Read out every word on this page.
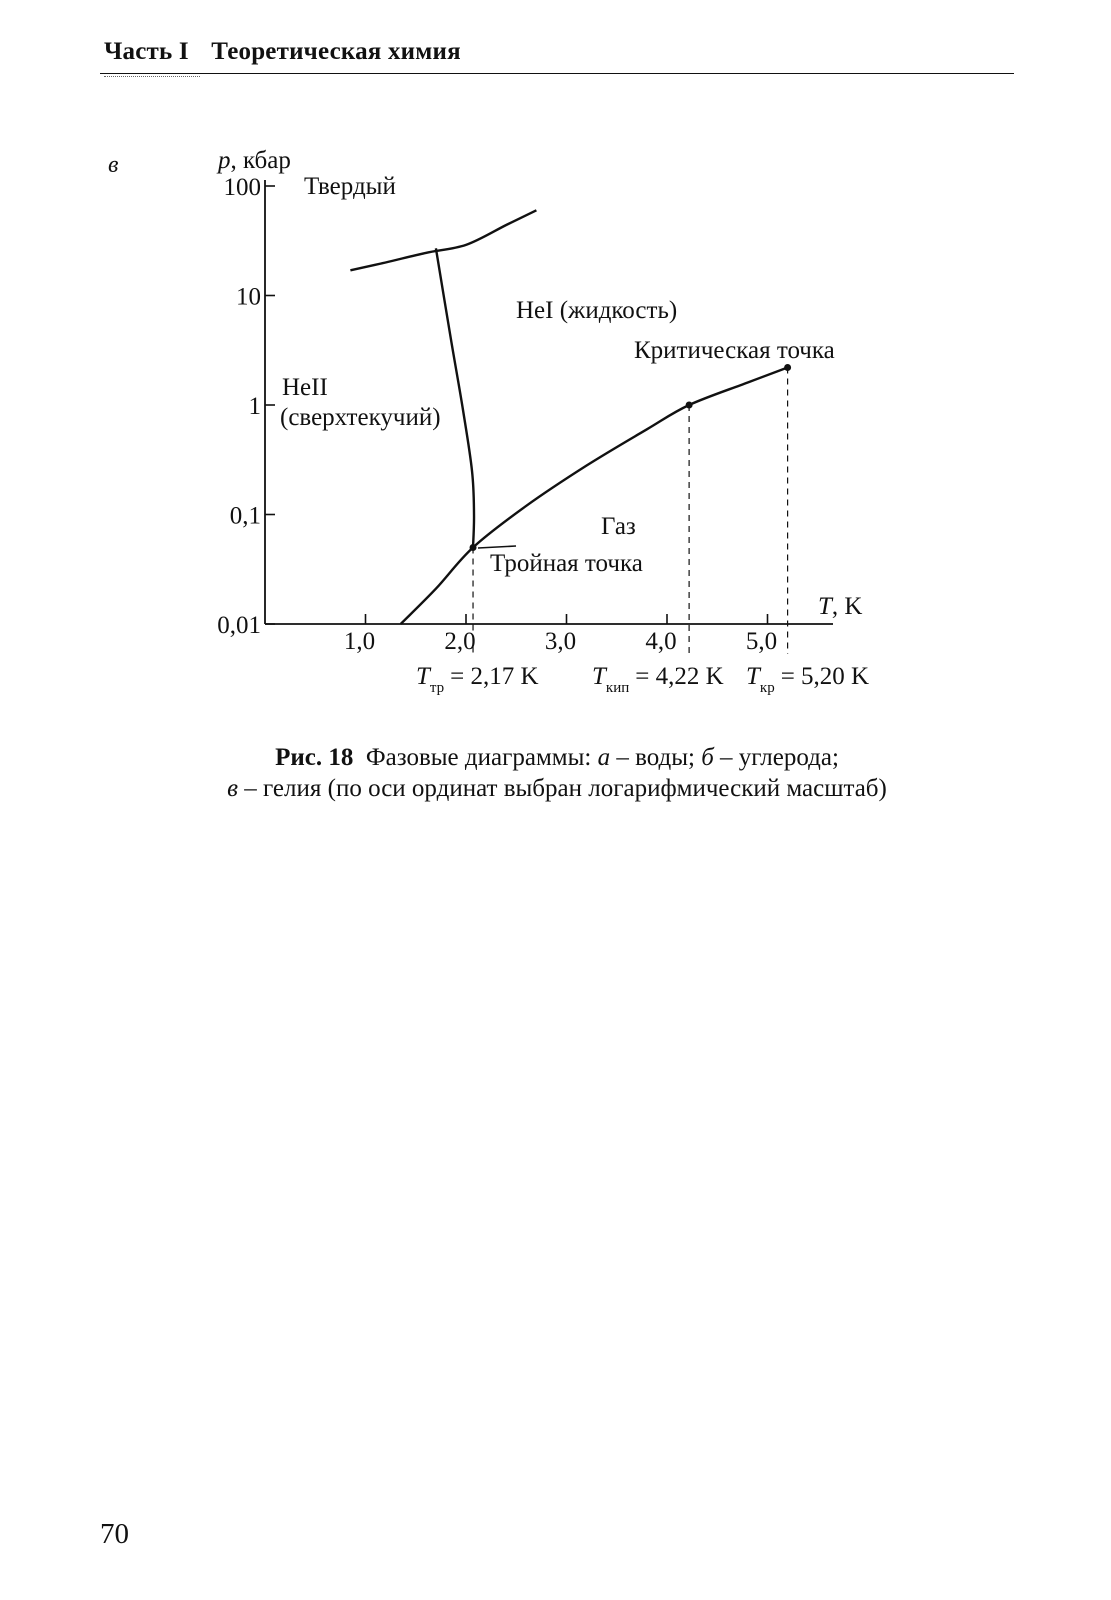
Часть I Теоретическая химия
в	p, кбар
T, K
0,01
0,1
1
10
100
1,0	2,0	3,0	4,0	5,0
Твердый
HeI (жидкость)
Критическая точка
HeII
(сверхтекучий)
Газ
Тройная точка
$T_{тр} = 2,17$ K $T_{кип} = 4,22$ K $T_{кр} = 5,20$ K
Рис. 18 Фазовые диаграммы: а – воды; б – углерода;
в – гелия (по оси ординат выбран логарифмический масштаб)
70
